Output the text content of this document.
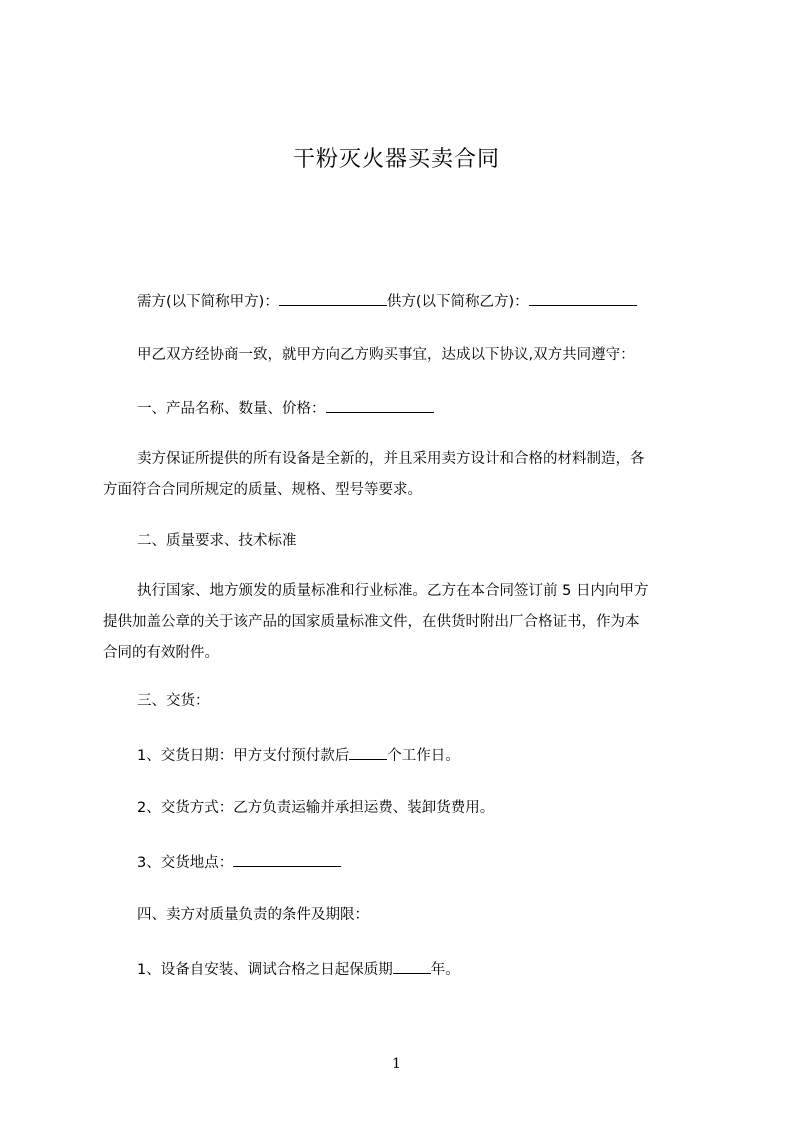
干粉灭火器买卖合同
需方(以下简称甲方)：	供方(以下简称乙方)：
甲乙双方经协商一致，就甲方向乙方购买事宜，达成以下协议,双方共同遵守：
一、产品名称、数量、价格：
卖方保证所提供的所有设备是全新的，并且采用卖方设计和合格的材料制造，各
方面符合合同所规定的质量、规格、型号等要求。
二、质量要求、技术标准
执行国家、地方颁发的质量标准和行业标准。乙方在本合同签订前 5 日内向甲方
提供加盖公章的关于该产品的国家质量标准文件，在供货时附出厂合格证书，作为本
合同的有效附件。
三、交货：
1、交货日期：甲方支付预付款后	个工作日。
2、交货方式：乙方负责运输并承担运费、装卸货费用。
3、交货地点：
四、卖方对质量负责的条件及期限：
1、设备自安装、调试合格之日起保质期	年。
1
